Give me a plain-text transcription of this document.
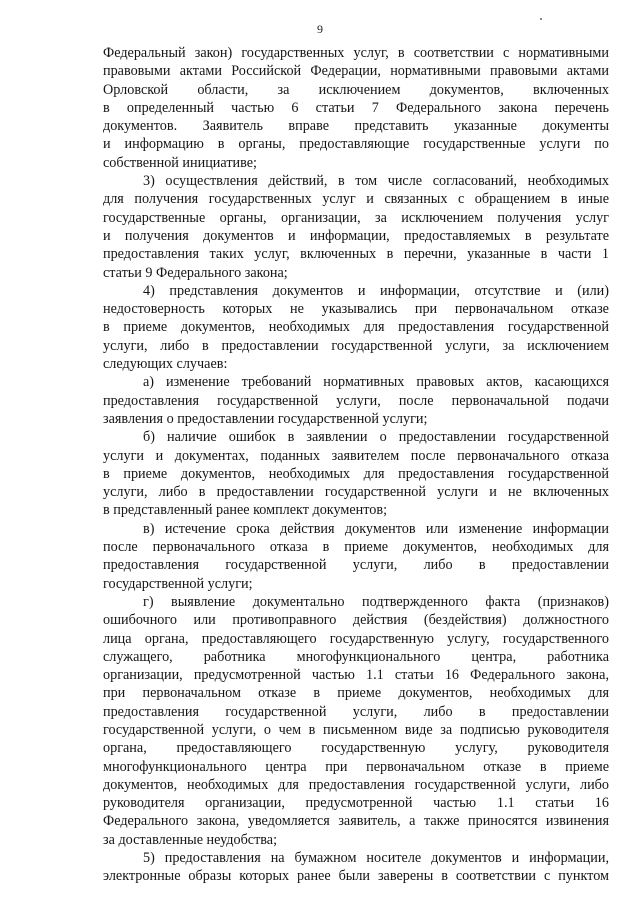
9
Федеральный закон) государственных услуг, в соответствии с нормативными
правовыми актами Российской Федерации, нормативными правовыми актами
Орловской области, за исключением документов, включенных
в определенный частью 6 статьи 7 Федерального закона перечень
документов. Заявитель вправе представить указанные документы
и информацию в органы, предоставляющие государственные услуги по
собственной инициативе;
3) осуществления действий, в том числе согласований, необходимых
для получения государственных услуг и связанных с обращением в иные
государственные органы, организации, за исключением получения услуг
и получения документов и информации, предоставляемых в результате
предоставления таких услуг, включенных в перечни, указанные в части 1
статьи 9 Федерального закона;
4) представления документов и информации, отсутствие и (или)
недостоверность которых не указывались при первоначальном отказе
в приеме документов, необходимых для предоставления государственной
услуги, либо в предоставлении государственной услуги, за исключением
следующих случаев:
а) изменение требований нормативных правовых актов, касающихся
предоставления государственной услуги, после первоначальной подачи
заявления о предоставлении государственной услуги;
б) наличие ошибок в заявлении о предоставлении государственной
услуги и документах, поданных заявителем после первоначального отказа
в приеме документов, необходимых для предоставления государственной
услуги, либо в предоставлении государственной услуги и не включенных
в представленный ранее комплект документов;
в) истечение срока действия документов или изменение информации
после первоначального отказа в приеме документов, необходимых для
предоставления государственной услуги, либо в предоставлении
государственной услуги;
г) выявление документально подтвержденного факта (признаков)
ошибочного или противоправного действия (бездействия) должностного
лица органа, предоставляющего государственную услугу, государственного
служащего, работника многофункционального центра, работника
организации, предусмотренной частью 1.1 статьи 16 Федерального закона,
при первоначальном отказе в приеме документов, необходимых для
предоставления государственной услуги, либо в предоставлении
государственной услуги, о чем в письменном виде за подписью руководителя
органа, предоставляющего государственную услугу, руководителя
многофункционального центра при первоначальном отказе в приеме
документов, необходимых для предоставления государственной услуги, либо
руководителя организации, предусмотренной частью 1.1 статьи 16
Федерального закона, уведомляется заявитель, а также приносятся извинения
за доставленные неудобства;
5) предоставления на бумажном носителе документов и информации,
электронные образы которых ранее были заверены в соответствии с пунктом
